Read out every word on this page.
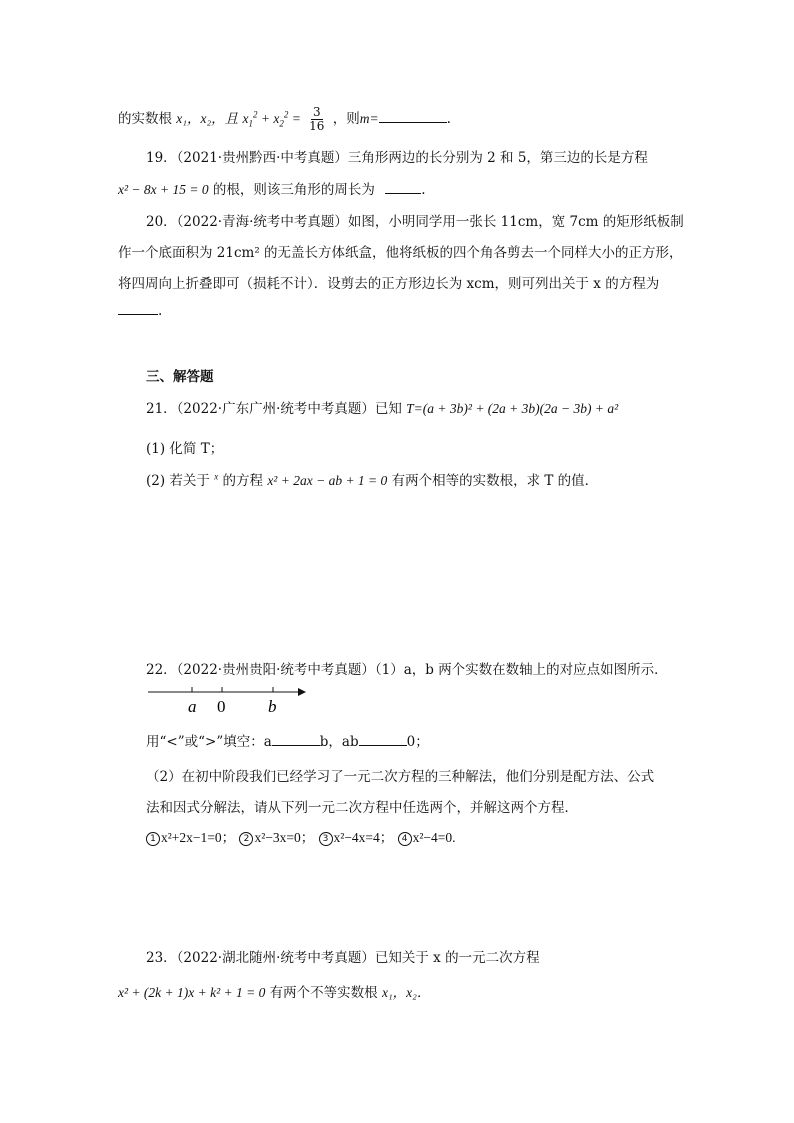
的实数根 x₁，x₂，且 $x_1^2 + x_2^2 = \frac{3}{16}$ ，则m=	.
19．（2021·贵州黔西·中考真题）三角形两边的长分别为 2 和 5，第三边的长是方程
x² − 8x + 15 = 0 的根，则该三角形的周长为	.
20．（2022·青海·统考中考真题）如图，小明同学用一张长 11cm，宽 7cm 的矩形纸板制
作一个底面积为 21cm² 的无盖长方体纸盒，他将纸板的四个角各剪去一个同样大小的正方形，
将四周向上折叠即可（损耗不计）．设剪去的正方形边长为 xcm，则可列出关于 x 的方程为
.
三、解答题
21．（2022·广东广州·统考中考真题）已知 T=(a + 3b)² + (2a + 3b)(2a − 3b) + a²
(1) 化简 T；
(2) 若关于 $^x$ 的方程 x² + 2ax − ab + 1 = 0 有两个相等的实数根，求 T 的值．
22．（2022·贵州贵阳·统考中考真题）（1）a，b 两个实数在数轴上的对应点如图所示．
a 0	b
用“<”或“>”填空：a	b，ab	0；
（2）在初中阶段我们已经学习了一元二次方程的三种解法，他们分别是配方法、公式
法和因式分解法，请从下列一元二次方程中任选两个，并解这两个方程．
1 x²+2x−1=0； 2 x²−3x=0； 3 x²−4x=4； 4 x²−4=0.
23．（2022·湖北随州·统考中考真题）已知关于 x 的一元二次方程
x² + (2k + 1)x + k² + 1 = 0 有两个不等实数根 x₁，x₂．
